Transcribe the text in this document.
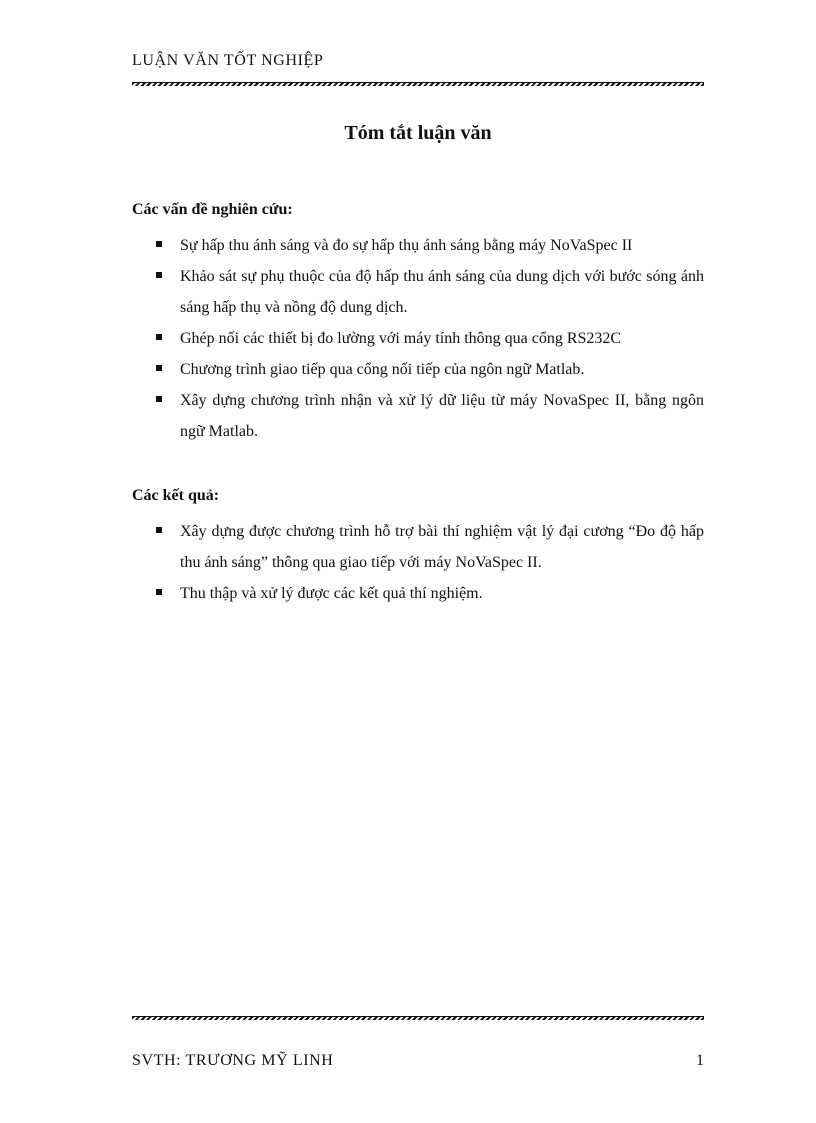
LUẬN VĂN TỐT NGHIỆP
Tóm tắt luận văn
Các vấn đề nghiên cứu:
Sự hấp thu ánh sáng và đo sự hấp thụ ánh sáng bằng máy NoVaSpec II
Khảo sát sự phụ thuộc của độ hấp thu ánh sáng của dung dịch với bước sóng ánh sáng hấp thụ và nồng độ dung dịch.
Ghép nối các thiết bị đo lường với máy tính thông qua cổng RS232C
Chương trình giao tiếp qua cổng nối tiếp của ngôn ngữ Matlab.
Xây dựng chương trình nhận và xử lý dữ liệu từ máy NovaSpec II, bằng ngôn ngữ Matlab.
Các kết quả:
Xây dựng được chương trình hỗ trợ bài thí nghiệm vật lý đại cương “Đo độ hấp thu ánh sáng” thông qua giao tiếp với máy NoVaSpec II.
Thu thập và xử lý được các kết quả thí nghiệm.
SVTH: TRƯƠNG MỸ LINH	1
